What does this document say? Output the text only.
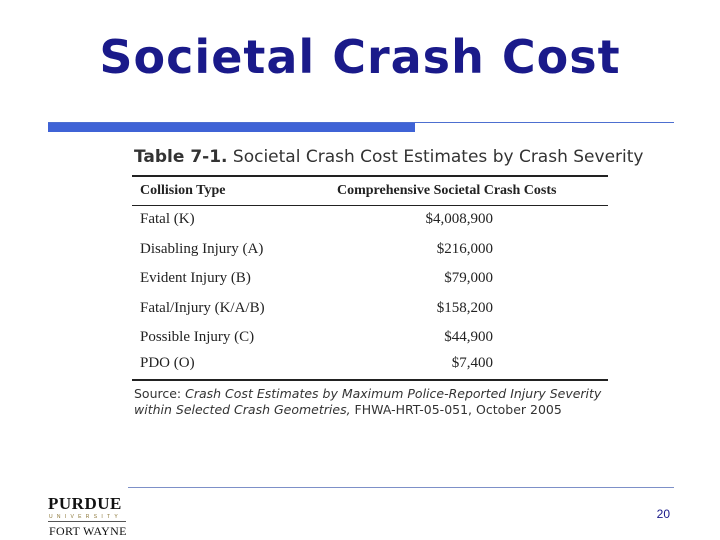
Societal Crash Cost
Table 7-1. Societal Crash Cost Estimates by Crash Severity
Collision Type	Comprehensive Societal Crash Costs
Fatal (K)	$4,008,900
Disabling Injury (A)	$216,000
Evident Injury (B)	$79,000
Fatal/Injury (K/A/B)	$158,200
Possible Injury (C)	$44,900
PDO (O)	$7,400
Source: Crash Cost Estimates by Maximum Police-Reported Injury Severity within Selected Crash Geometries, FHWA-HRT-05-051, October 2005
PURDUE
UNIVERSITY
FORT WAYNE
20
